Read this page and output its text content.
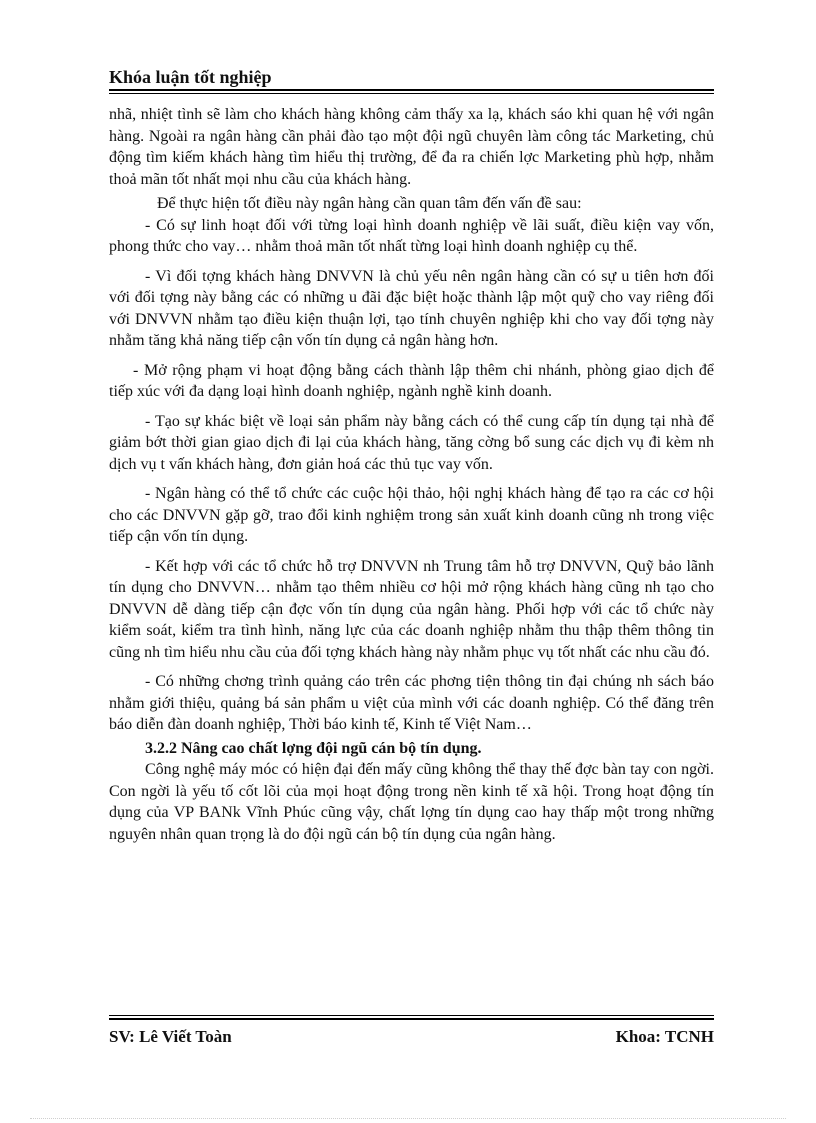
Khóa luận tốt nghiệp

nhã, nhiệt tình sẽ làm cho khách hàng không cảm thấy xa lạ, khách sáo khi quan hệ với ngân hàng. Ngoài ra ngân hàng cần phải đào tạo một đội ngũ chuyên làm công tác Marketing, chủ động tìm kiếm khách hàng tìm hiểu thị trường, để đa ra chiến lợc Marketing phù hợp, nhằm thoả mãn tốt nhất mọi nhu cầu của khách hàng.

Để thực hiện tốt điều này ngân hàng cần quan tâm đến vấn đề sau:

- Có sự linh hoạt đối với từng loại hình doanh nghiệp về lãi suất, điều kiện vay vốn, phong thức cho vay… nhằm thoả mãn tốt nhất từng loại hình doanh nghiệp cụ thể.

- Vì đối tợng khách hàng DNVVN là chủ yếu nên ngân hàng cần có sự u tiên hơn đối với đối tợng này bằng các có những u đãi đặc biệt hoặc thành lập một quỹ cho vay riêng đối với DNVVN nhằm tạo điều kiện thuận lợi, tạo tính chuyên nghiệp khi cho vay đối tợng này nhằm tăng khả năng tiếp cận vốn tín dụng cả ngân hàng hơn.

- Mở rộng phạm vi hoạt động bằng cách thành lập thêm chi nhánh, phòng giao dịch để tiếp xúc với đa dạng loại hình doanh nghiệp, ngành nghề kinh doanh.

- Tạo sự khác biệt về loại sản phẩm này bằng cách có thể cung cấp tín dụng tại nhà để giảm bớt thời gian giao dịch đi lại của khách hàng, tăng cờng bổ sung các dịch vụ đi kèm nh dịch vụ t vấn khách hàng, đơn giản hoá các thủ tục vay vốn.

- Ngân hàng có thể tổ chức các cuộc hội thảo, hội nghị khách hàng để tạo ra các cơ hội cho các DNVVN gặp gỡ, trao đổi kinh nghiệm trong sản xuất kinh doanh cũng nh trong việc tiếp cận vốn tín dụng.

- Kết hợp với các tổ chức hỗ trợ DNVVN nh Trung tâm hỗ trợ DNVVN, Quỹ bảo lãnh tín dụng cho DNVVN… nhằm tạo thêm nhiều cơ hội mở rộng khách hàng cũng nh tạo cho DNVVN dễ dàng tiếp cận đợc vốn tín dụng của ngân hàng. Phối hợp với các tổ chức này kiểm soát, kiểm tra tình hình, năng lực của các doanh nghiệp nhằm thu thập thêm thông tin cũng nh tìm hiểu nhu cầu của đối tợng khách hàng này nhằm phục vụ tốt nhất các nhu cầu đó.

- Có những chơng trình quảng cáo trên các phơng tiện thông tin đại chúng nh sách báo nhằm giới thiệu, quảng bá sản phẩm u việt của mình với các doanh nghiệp. Có thể đăng trên báo diễn đàn doanh nghiệp, Thời báo kinh tế, Kinh tế Việt Nam…

3.2.2 Nâng cao chất lợng đội ngũ cán bộ tín dụng.

Công nghệ máy móc có hiện đại đến mấy cũng không thể thay thế đợc bàn tay con ngời. Con ngời là yếu tố cốt lõi của mọi hoạt động trong nền kinh tế xã hội. Trong hoạt động tín dụng của VP BANk Vĩnh Phúc cũng vậy, chất lợng tín dụng cao hay thấp một trong những nguyên nhân quan trọng là do đội ngũ cán bộ tín dụng của ngân hàng.

SV: Lê Viết Toàn	Khoa: TCNH
